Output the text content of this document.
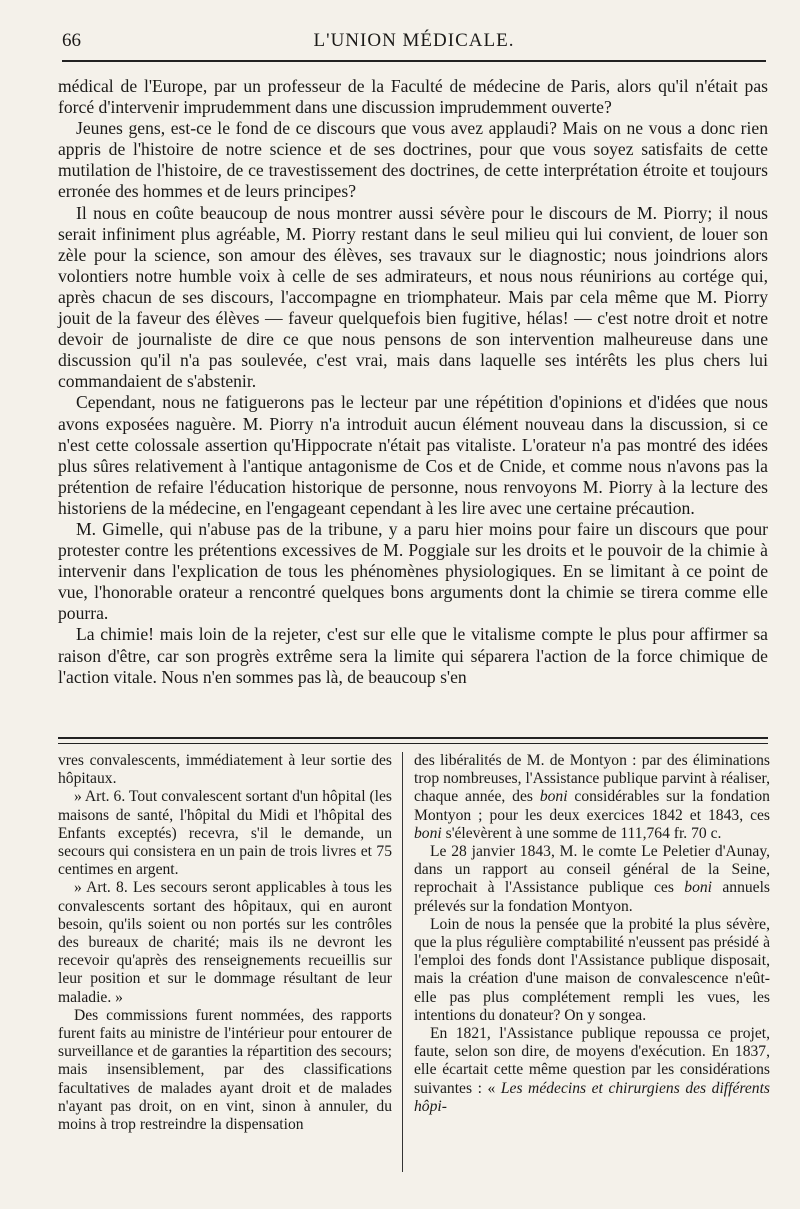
66	L'UNION MÉDICALE.

médical de l'Europe, par un professeur de la Faculté de médecine de Paris, alors qu'il n'était pas forcé d'intervenir imprudemment dans une discussion imprudemment ouverte?

Jeunes gens, est-ce le fond de ce discours que vous avez applaudi? Mais on ne vous a donc rien appris de l'histoire de notre science et de ses doctrines, pour que vous soyez satisfaits de cette mutilation de l'histoire, de ce travestissement des doctrines, de cette interprétation étroite et toujours erronée des hommes et de leurs principes?

Il nous en coûte beaucoup de nous montrer aussi sévère pour le discours de M. Piorry; il nous serait infiniment plus agréable, M. Piorry restant dans le seul milieu qui lui convient, de louer son zèle pour la science, son amour des élèves, ses travaux sur le diagnostic; nous joindrions alors volontiers notre humble voix à celle de ses admirateurs, et nous nous réunirions au cortége qui, après chacun de ses discours, l'accompagne en triomphateur. Mais par cela même que M. Piorry jouit de la faveur des élèves — faveur quelquefois bien fugitive, hélas! — c'est notre droit et notre devoir de journaliste de dire ce que nous pensons de son intervention malheureuse dans une discussion qu'il n'a pas soulevée, c'est vrai, mais dans laquelle ses intérêts les plus chers lui commandaient de s'abstenir.

Cependant, nous ne fatiguerons pas le lecteur par une répétition d'opinions et d'idées que nous avons exposées naguère. M. Piorry n'a introduit aucun élément nouveau dans la discussion, si ce n'est cette colossale assertion qu'Hippocrate n'était pas vitaliste. L'orateur n'a pas montré des idées plus sûres relativement à l'antique antagonisme de Cos et de Cnide, et comme nous n'avons pas la prétention de refaire l'éducation historique de personne, nous renvoyons M. Piorry à la lecture des historiens de la médecine, en l'engageant cependant à les lire avec une certaine précaution.

M. Gimelle, qui n'abuse pas de la tribune, y a paru hier moins pour faire un discours que pour protester contre les prétentions excessives de M. Poggiale sur les droits et le pouvoir de la chimie à intervenir dans l'explication de tous les phénomènes physiologiques. En se limitant à ce point de vue, l'honorable orateur a rencontré quelques bons arguments dont la chimie se tirera comme elle pourra.

La chimie! mais loin de la rejeter, c'est sur elle que le vitalisme compte le plus pour affirmer sa raison d'être, car son progrès extrême sera la limite qui séparera l'action de la force chimique de l'action vitale. Nous n'en sommes pas là, de beaucoup s'en

vres convalescents, immédiatement à leur sortie des hôpitaux.

» Art. 6. Tout convalescent sortant d'un hôpital (les maisons de santé, l'hôpital du Midi et l'hôpital des Enfants exceptés) recevra, s'il le demande, un secours qui consistera en un pain de trois livres et 75 centimes en argent.

» Art. 8. Les secours seront applicables à tous les convalescents sortant des hôpitaux, qui en auront besoin, qu'ils soient ou non portés sur les contrôles des bureaux de charité; mais ils ne devront les recevoir qu'après des renseignements recueillis sur leur position et sur le dommage résultant de leur maladie. »

Des commissions furent nommées, des rapports furent faits au ministre de l'intérieur pour entourer de surveillance et de garanties la répartition des secours; mais insensiblement, par des classifications facultatives de malades ayant droit et de malades n'ayant pas droit, on en vint, sinon à annuler, du moins à trop restreindre la dispensation

des libéralités de M. de Montyon : par des éliminations trop nombreuses, l'Assistance publique parvint à réaliser, chaque année, des boni considérables sur la fondation Montyon ; pour les deux exercices 1842 et 1843, ces boni s'élevèrent à une somme de 111,764 fr. 70 c.

Le 28 janvier 1843, M. le comte Le Peletier d'Aunay, dans un rapport au conseil général de la Seine, reprochait à l'Assistance publique ces boni annuels prélevés sur la fondation Montyon.

Loin de nous la pensée que la probité la plus sévère, que la plus régulière comptabilité n'eussent pas présidé à l'emploi des fonds dont l'Assistance publique disposait, mais la création d'une maison de convalescence n'eût-elle pas plus complétement rempli les vues, les intentions du donateur? On y songea.

En 1821, l'Assistance publique repoussa ce projet, faute, selon son dire, de moyens d'exécution. En 1837, elle écartait cette même question par les considérations suivantes : « Les médecins et chirurgiens des différents hôpi-
